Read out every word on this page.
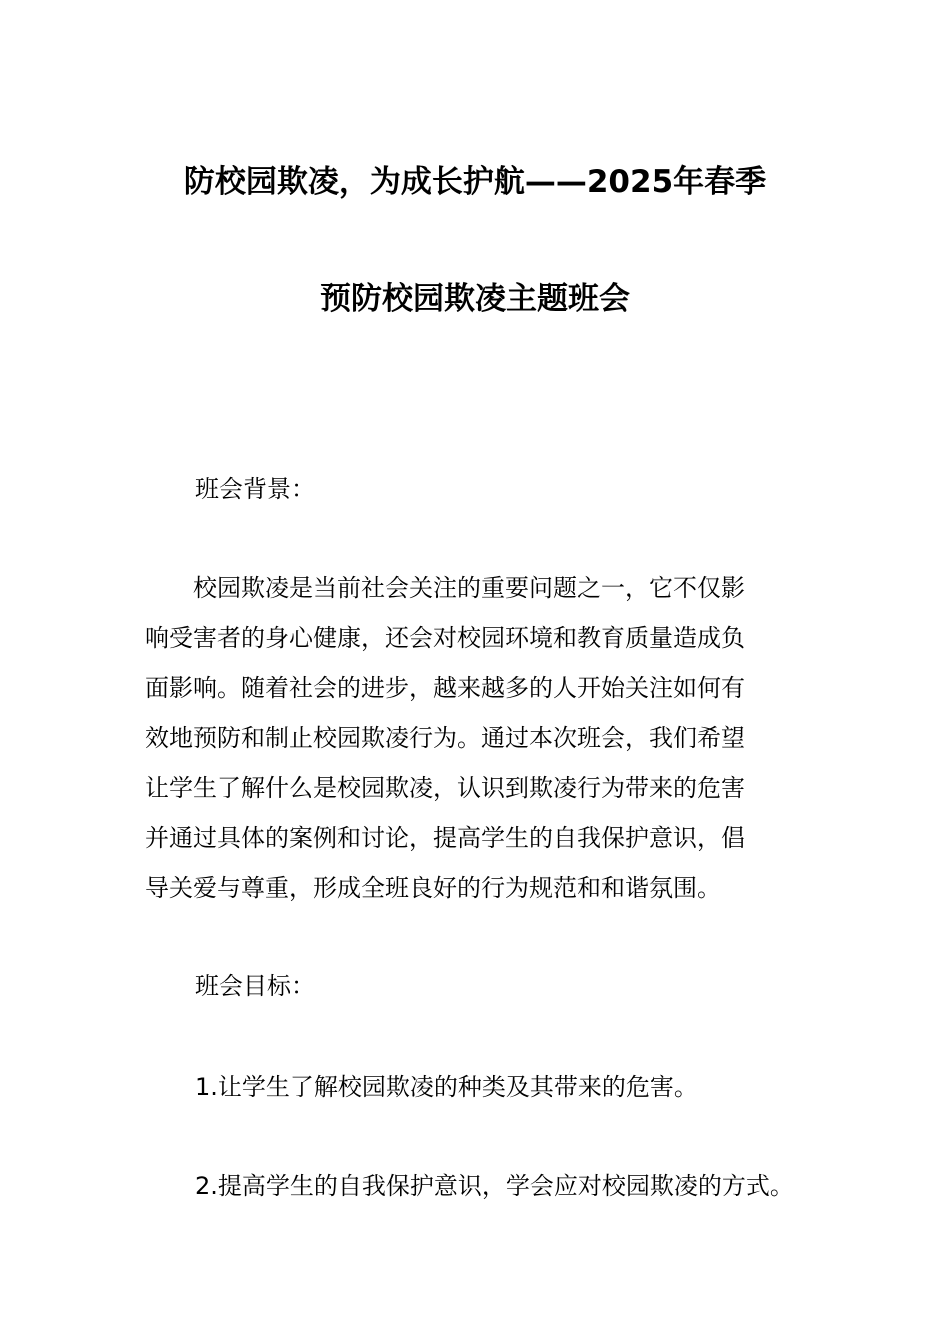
防校园欺凌，为成长护航——2025年春季
预防校园欺凌主题班会
班会背景：
　　校园欺凌是当前社会关注的重要问题之一，它不仅影
响受害者的身心健康，还会对校园环境和教育质量造成负
面影响。随着社会的进步，越来越多的人开始关注如何有
效地预防和制止校园欺凌行为。通过本次班会，我们希望
让学生了解什么是校园欺凌，认识到欺凌行为带来的危害
并通过具体的案例和讨论，提高学生的自我保护意识，倡
导关爱与尊重，形成全班良好的行为规范和和谐氛围。
班会目标：
1.让学生了解校园欺凌的种类及其带来的危害。
2.提高学生的自我保护意识，学会应对校园欺凌的方式。
